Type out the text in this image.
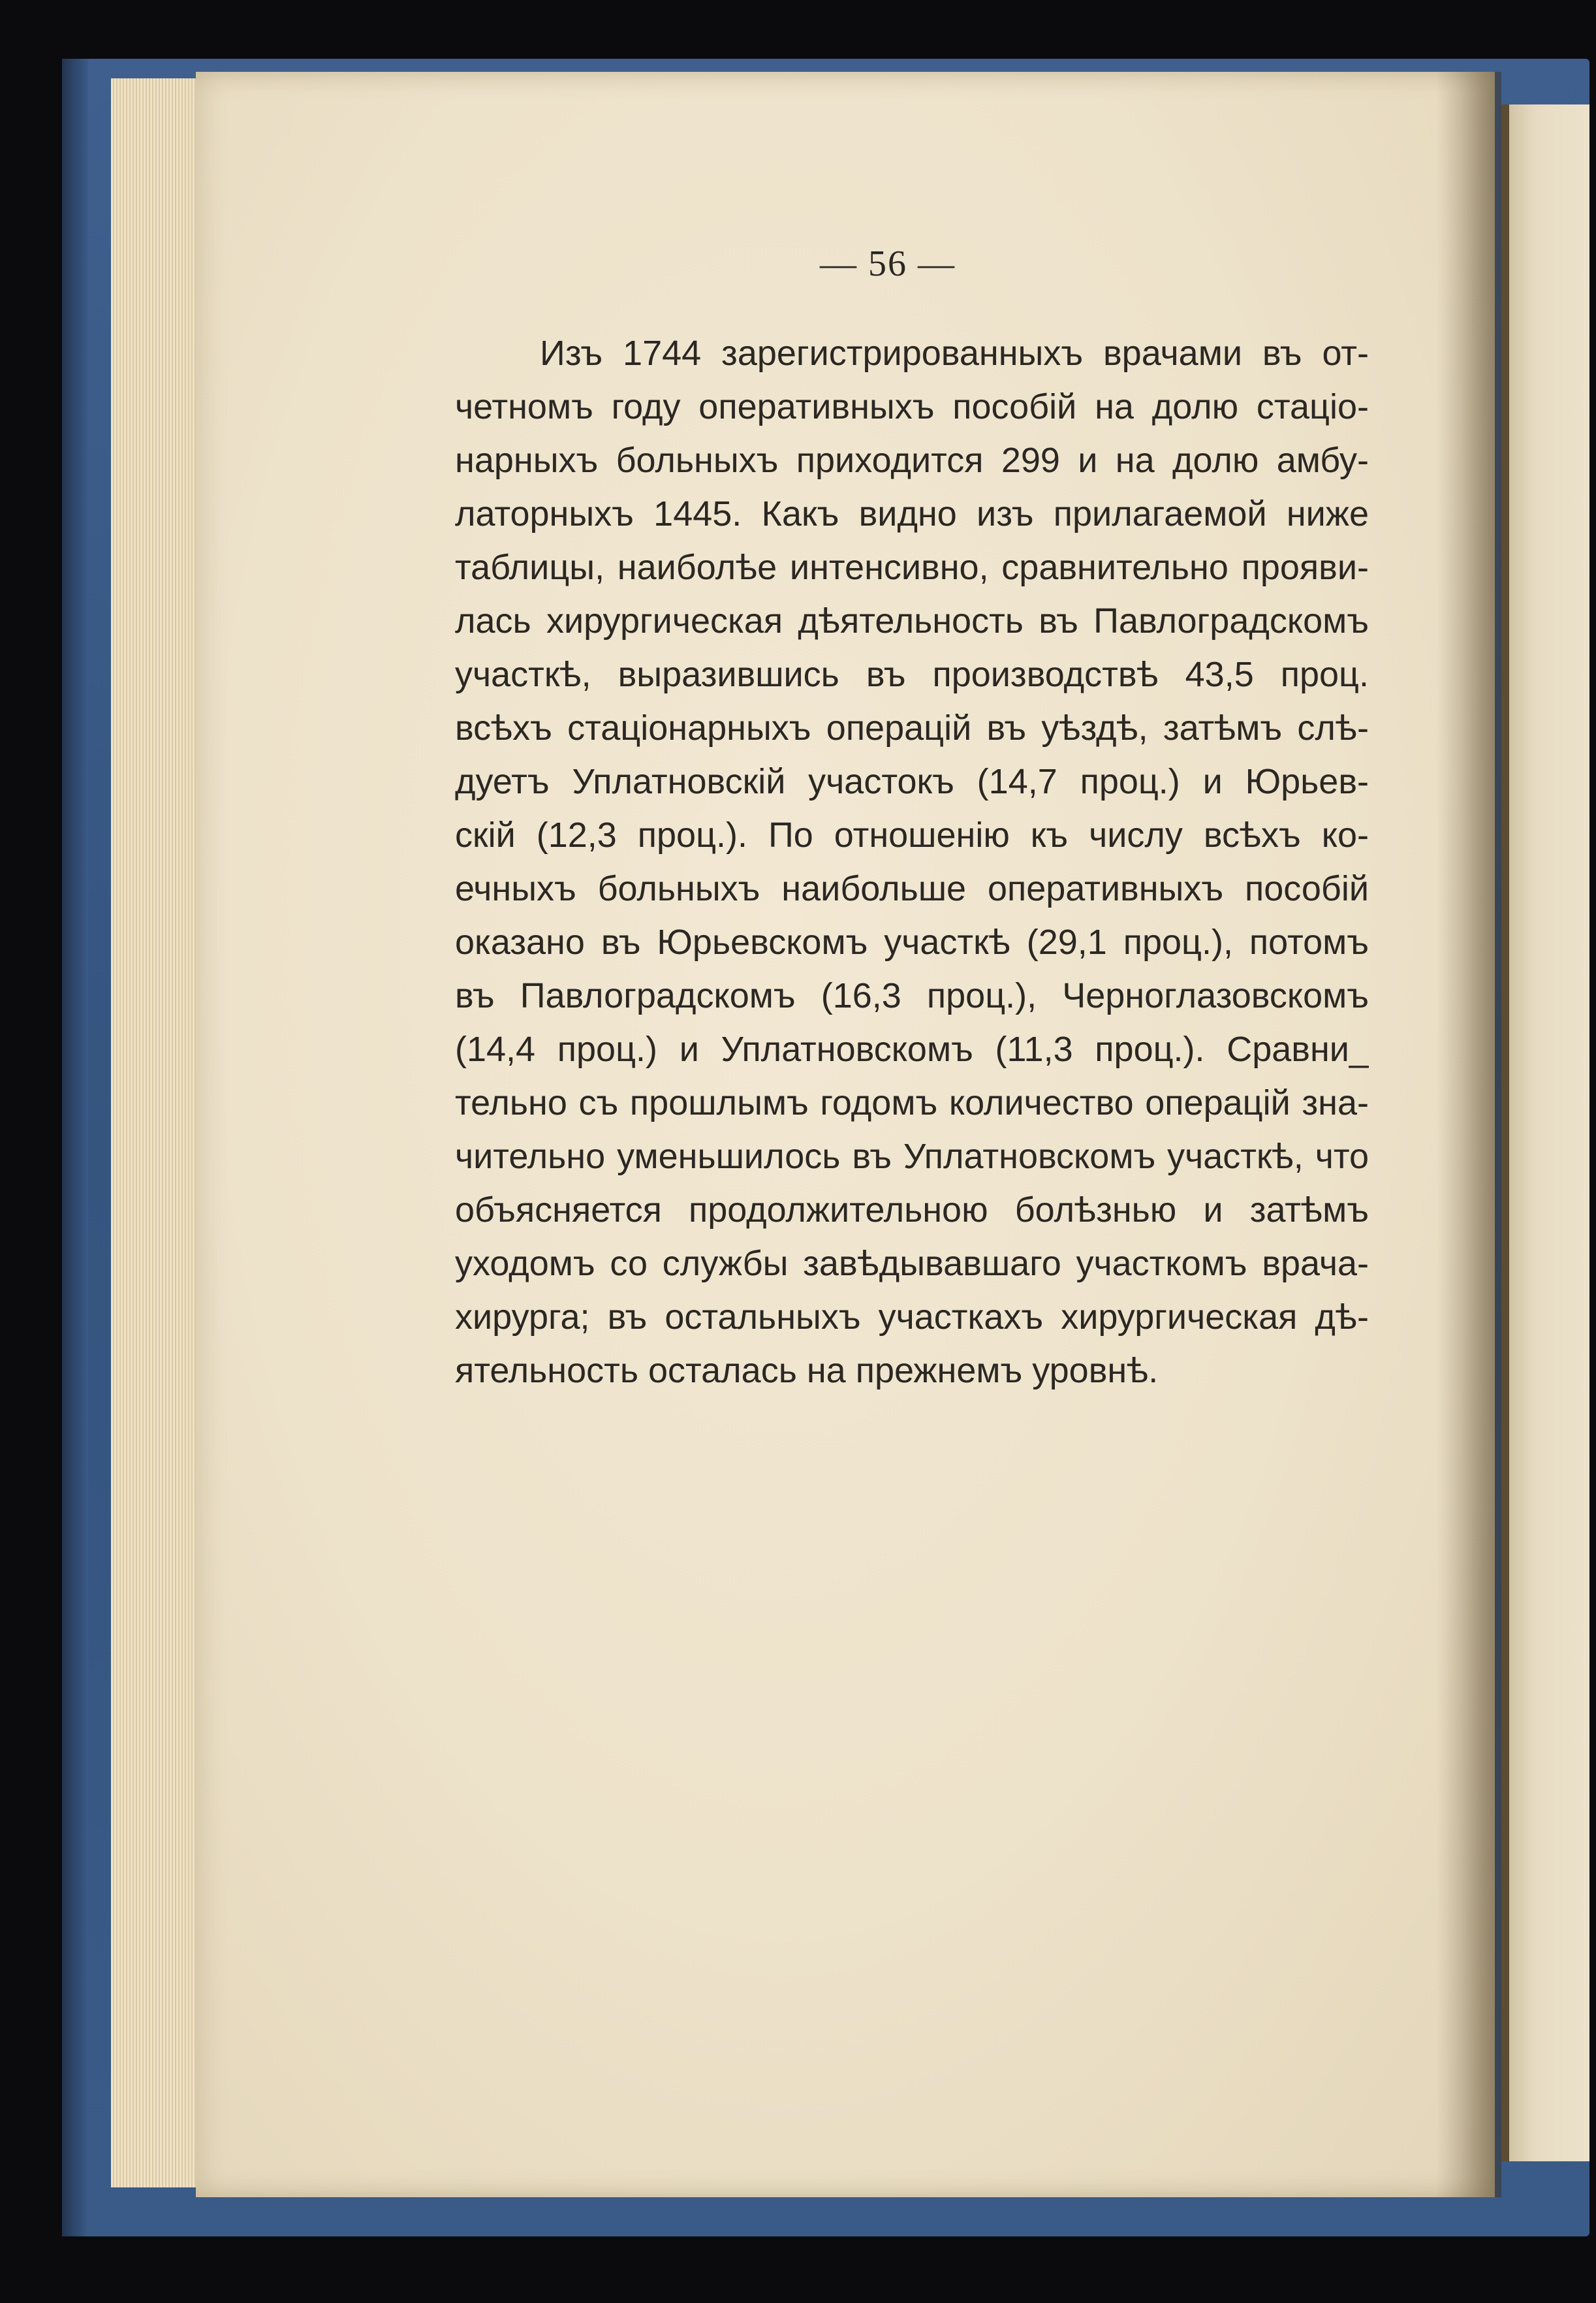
— 56 —
Изъ 1744 зарегистрированныхъ врачами въ от-
четномъ году оперативныхъ пособій на долю стаціо-
нарныхъ больныхъ приходится 299 и на долю амбу-
латорныхъ 1445. Какъ видно изъ прилагаемой ниже
таблицы, наиболѣе интенсивно, сравнительно прояви-
лась хирургическая дѣятельность въ Павлоградскомъ
участкѣ, выразившись въ производствѣ 43,5 проц.
всѣхъ стаціонарныхъ операцій въ уѣздѣ, затѣмъ слѣ-
дуетъ Уплатновскій участокъ (14,7 проц.) и Юрьев-
скій (12,3 проц.). По отношенію къ числу всѣхъ ко-
ечныхъ больныхъ наибольше оперативныхъ пособій
оказано въ Юрьевскомъ участкѣ (29,1 проц.), потомъ
въ Павлоградскомъ (16,3 проц.), Черноглазовскомъ
(14,4 проц.) и Уплатновскомъ (11,3 проц.). Сравни_
тельно съ прошлымъ годомъ количество операцій зна-
чительно уменьшилось въ Уплатновскомъ участкѣ, что
объясняется продолжительною болѣзнью и затѣмъ
уходомъ со службы завѣдывавшаго участкомъ врача-
хирурга; въ остальныхъ участкахъ хирургическая дѣ-
ятельность осталась на прежнемъ уровнѣ.
